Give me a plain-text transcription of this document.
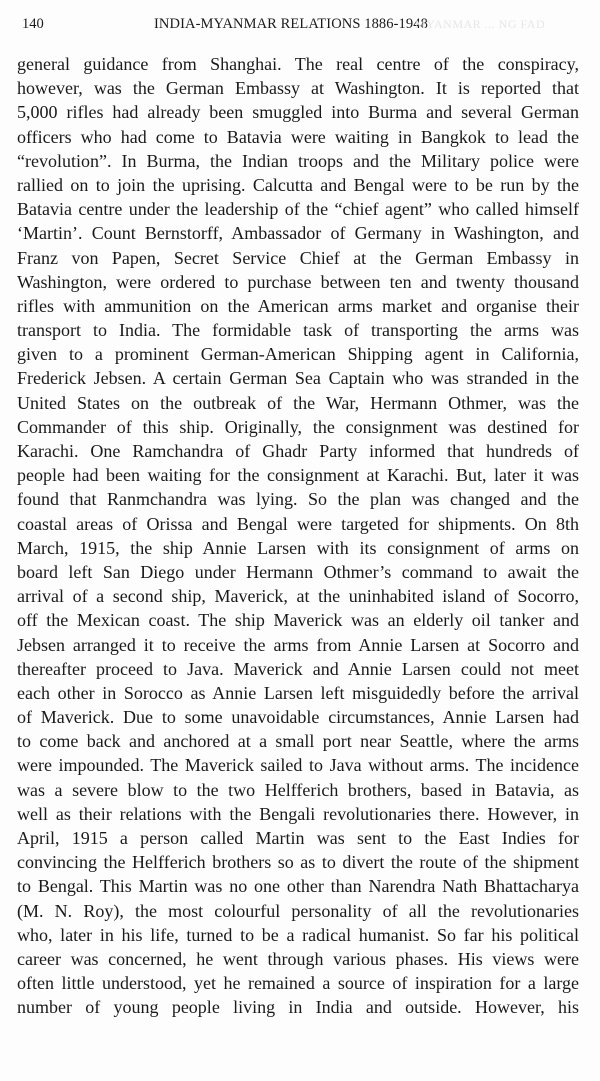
140	INDIA-MYANMAR RELATIONS 1886-1948
MYANMAR ... NG FAD
general guidance from Shanghai. The real centre of the conspiracy,
however, was the German Embassy at Washington. It is reported that
5,000 rifles had already been smuggled into Burma and several German
officers who had come to Batavia were waiting in Bangkok to lead the
“revolution”. In Burma, the Indian troops and the Military police were
rallied on to join the uprising. Calcutta and Bengal were to be run by the
Batavia centre under the leadership of the “chief agent” who called himself
‘Martin’. Count Bernstorff, Ambassador of Germany in Washington, and
Franz von Papen, Secret Service Chief at the German Embassy in
Washington, were ordered to purchase between ten and twenty thousand
rifles with ammunition on the American arms market and organise their
transport to India. The formidable task of transporting the arms was
given to a prominent German-American Shipping agent in California,
Frederick Jebsen. A certain German Sea Captain who was stranded in the
United States on the outbreak of the War, Hermann Othmer, was the
Commander of this ship. Originally, the consignment was destined for
Karachi. One Ramchandra of Ghadr Party informed that hundreds of
people had been waiting for the consignment at Karachi. But, later it was
found that Ranmchandra was lying. So the plan was changed and the
coastal areas of Orissa and Bengal were targeted for shipments. On 8th
March, 1915, the ship Annie Larsen with its consignment of arms on
board left San Diego under Hermann Othmer’s command to await the
arrival of a second ship, Maverick, at the uninhabited island of Socorro,
off the Mexican coast. The ship Maverick was an elderly oil tanker and
Jebsen arranged it to receive the arms from Annie Larsen at Socorro and
thereafter proceed to Java. Maverick and Annie Larsen could not meet
each other in Sorocco as Annie Larsen left misguidedly before the arrival
of Maverick. Due to some unavoidable circumstances, Annie Larsen had
to come back and anchored at a small port near Seattle, where the arms
were impounded. The Maverick sailed to Java without arms. The incidence
was a severe blow to the two Helfferich brothers, based in Batavia, as
well as their relations with the Bengali revolutionaries there. However, in
April, 1915 a person called Martin was sent to the East Indies for
convincing the Helfferich brothers so as to divert the route of the shipment
to Bengal. This Martin was no one other than Narendra Nath Bhattacharya
(M. N. Roy), the most colourful personality of all the revolutionaries
who, later in his life, turned to be a radical humanist. So far his political
career was concerned, he went through various phases. His views were
often little understood, yet he remained a source of inspiration for a large
number of young people living in India and outside. However, his
